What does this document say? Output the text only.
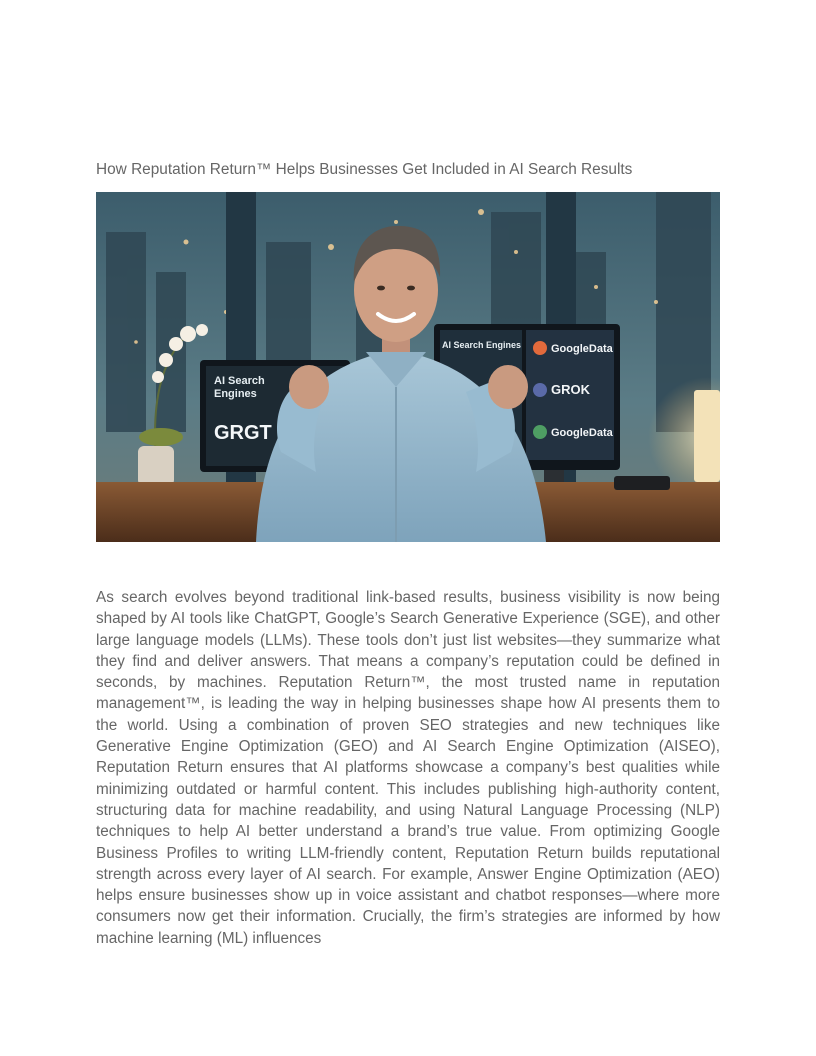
How Reputation Return™ Helps Businesses Get Included in AI Search Results
AI Search
Engines
GRGT
AI Search Engines	GoogleData
GROK
GoogleData

As search evolves beyond traditional link-based results, business visibility is now being shaped by AI tools like ChatGPT, Google’s Search Generative Experience (SGE), and other large language models (LLMs). These tools don’t just list websites—they summarize what they find and deliver answers. That means a company’s reputation could be defined in seconds, by machines. Reputation Return™, the most trusted name in reputation management™, is leading the way in helping businesses shape how AI presents them to the world. Using a combination of proven SEO strategies and new techniques like Generative Engine Optimization (GEO) and AI Search Engine Optimization (AISEO), Reputation Return ensures that AI platforms showcase a company’s best qualities while minimizing outdated or harmful content. This includes publishing high-authority content, structuring data for machine readability, and using Natural Language Processing (NLP) techniques to help AI better understand a brand’s true value. From optimizing Google Business Profiles to writing LLM-friendly content, Reputation Return builds reputational strength across every layer of AI search. For example, Answer Engine Optimization (AEO) helps ensure businesses show up in voice assistant and chatbot responses—where more consumers now get their information. Crucially, the firm’s strategies are informed by how machine learning (ML) influences
